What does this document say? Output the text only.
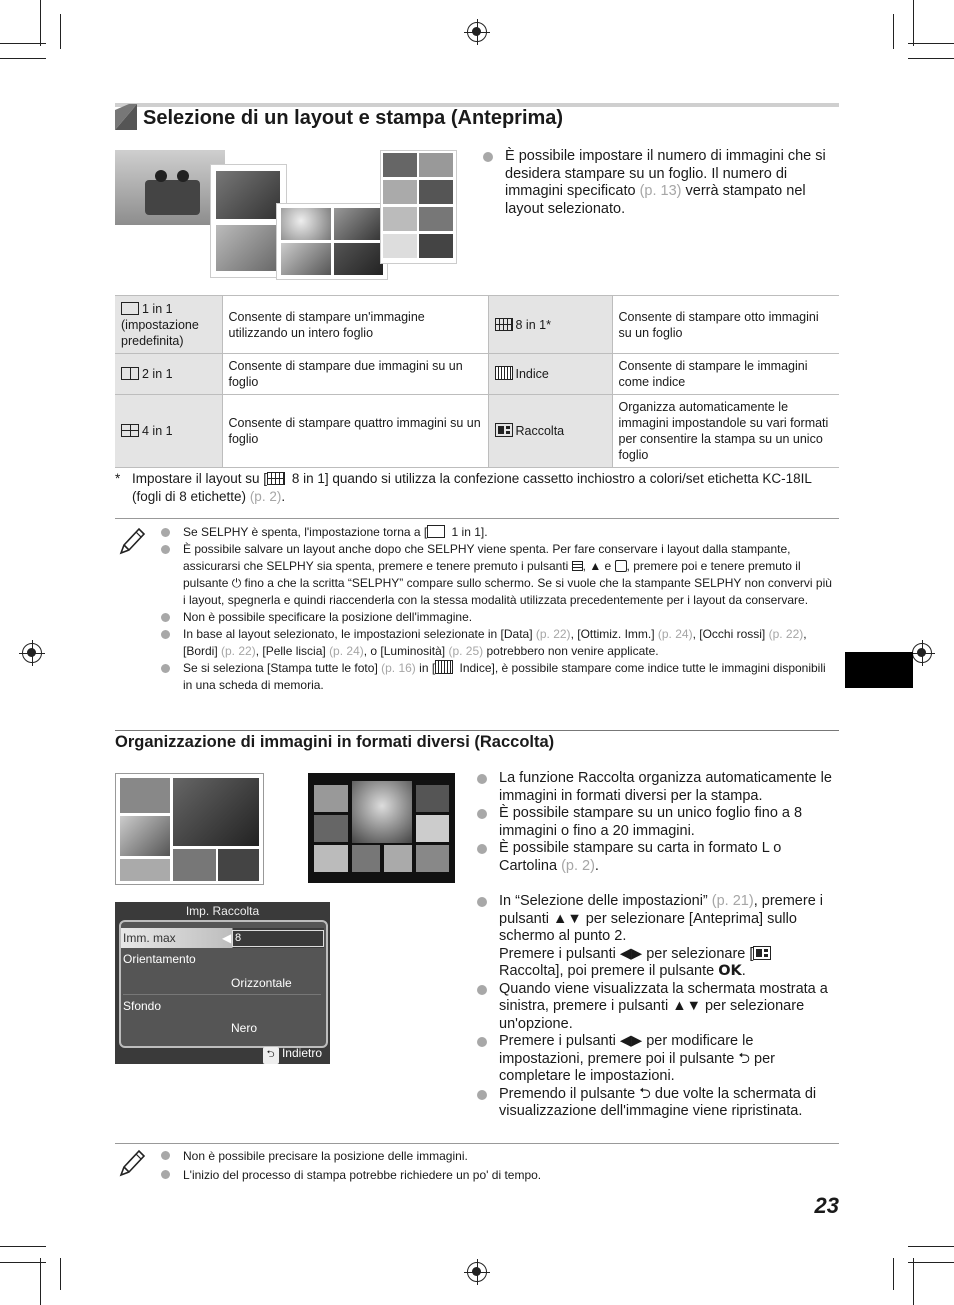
Selezione di un layout e stampa (Anteprima)
È possibile impostare il numero di immagini che si desidera stampare su un foglio. Il numero di immagini specificato (p. 13) verrà stampato nel layout selezionato.
1 in 1 (impostazione predefinita)	Consente di stampare un'immagine utilizzando un intero foglio	8 in 1*	Consente di stampare otto immagini su un foglio
2 in 1	Consente di stampare due immagini su un foglio	Indice	Consente di stampare le immagini come indice
4 in 1	Consente di stampare quattro immagini su un foglio	Raccolta	Organizza automaticamente le immagini impostandole su vari formati per consentire la stampa su un unico foglio
* Impostare il layout su [ 8 in 1] quando si utilizza la confezione cassetto inchiostro a colori/set etichetta KC-18IL (fogli di 8 etichette) (p. 2).
Se SELPHY è spenta, l'impostazione torna a [ 1 in 1].
È possibile salvare un layout anche dopo che SELPHY viene spenta. Per fare conservare i layout dalla stampante, assicurarsi che SELPHY sia spenta, premere e tenere premuto i pulsanti , ▲ e , premere poi e tenere premuto il pulsante ⏻ fino a che la scritta “SELPHY” compare sullo schermo. Se si vuole che la stampante SELPHY non convervi più i layout, spegnerla e quindi riaccenderla con la stessa modalità utilizzata precedentemente per i layout da conservare.
Non è possibile specificare la posizione dell'immagine.
In base al layout selezionato, le impostazioni selezionate in [Data] (p. 22), [Ottimiz. Imm.] (p. 24), [Occhi rossi] (p. 22), [Bordi] (p. 22), [Pelle liscia] (p. 24), o [Luminosità] (p. 25) potrebbero non venire applicate.
Se si seleziona [Stampa tutte le foto] (p. 16) in [ Indice], è possibile stampare come indice tutte le immagini disponibili in una scheda di memoria.
Organizzazione di immagini in formati diversi (Raccolta)
Imp. Raccolta
Imm. max	◀ 8
Orientamento
Orizzontale
Sfondo
Nero
⮌ Indietro
La funzione Raccolta organizza automaticamente le immagini in formati diversi per la stampa.
È possibile stampare su un unico foglio fino a 8 immagini o fino a 20 immagini.
È possibile stampare su carta in formato L o Cartolina (p. 2).
In “Selezione delle impostazioni” (p. 21), premere i pulsanti ▲▼ per selezionare [Anteprima] sullo schermo al punto 2.
Premere i pulsanti ◀▶ per selezionare [ Raccolta], poi premere il pulsante OK.
Quando viene visualizzata la schermata mostrata a sinistra, premere i pulsanti ▲▼ per selezionare un'opzione.
Premere i pulsanti ◀▶ per modificare le impostazioni, premere poi il pulsante ⮌ per completare le impostazioni.
Premendo il pulsante ⮌ due volte la schermata di visualizzazione dell'immagine viene ripristinata.
Non è possibile precisare la posizione delle immagini.
L'inizio del processo di stampa potrebbe richiedere un po' di tempo.
23
